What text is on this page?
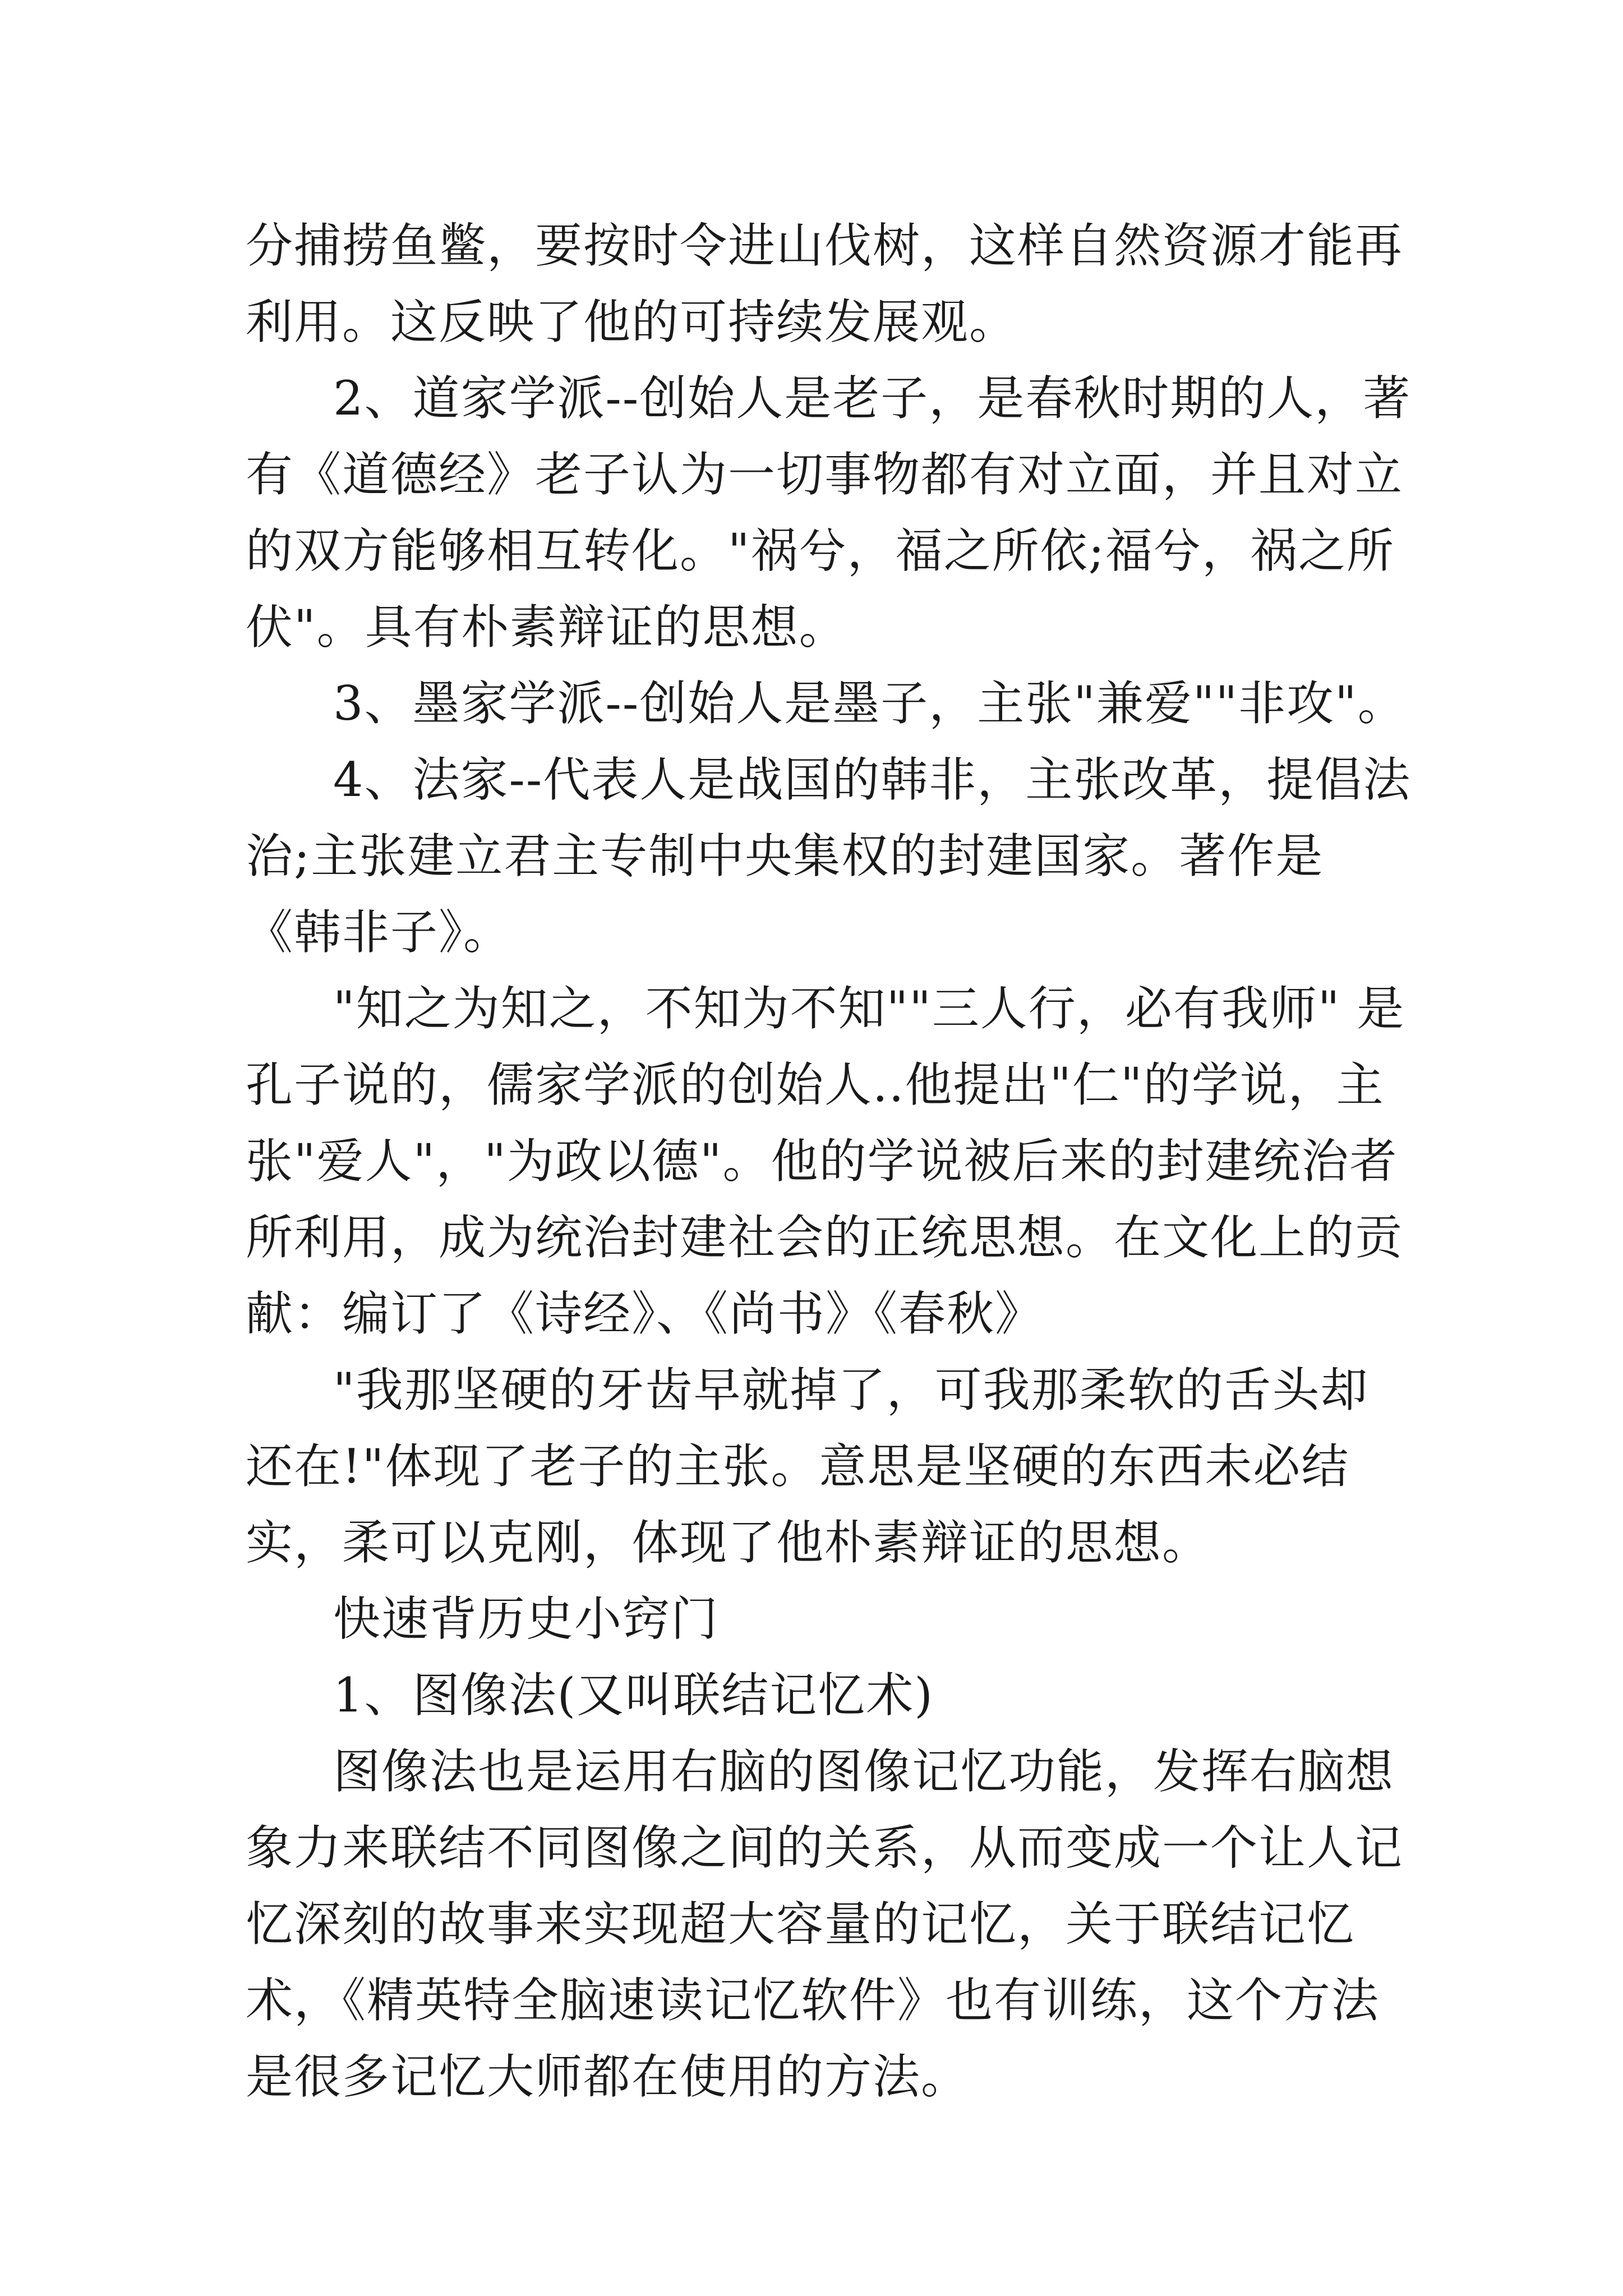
分捕捞鱼鳖，要按时令进山伐树，这样自然资源才能再利用。这反映了他的可持续发展观。

2、道家学派--创始人是老子，是春秋时期的人，著有《道德经》老子认为一切事物都有对立面，并且对立的双方能够相互转化。"祸兮，福之所依;福兮，祸之所伏"。具有朴素辩证的思想。

3、墨家学派--创始人是墨子，主张"兼爱""非攻"。

4、法家--代表人是战国的韩非，主张改革，提倡法治;主张建立君主专制中央集权的封建国家。著作是《韩非子》。

"知之为知之，不知为不知""三人行，必有我师" 是孔子说的，儒家学派的创始人..他提出"仁"的学说，主张"爱人"，"为政以德"。他的学说被后来的封建统治者所利用，成为统治封建社会的正统思想。在文化上的贡献：编订了《诗经》、《尚书》《春秋》

"我那坚硬的牙齿早就掉了，可我那柔软的舌头却还在!"体现了老子的主张。意思是坚硬的东西未必结实，柔可以克刚，体现了他朴素辩证的思想。

快速背历史小窍门

1、图像法(又叫联结记忆术)

图像法也是运用右脑的图像记忆功能，发挥右脑想象力来联结不同图像之间的关系，从而变成一个让人记忆深刻的故事来实现超大容量的记忆，关于联结记忆术，《精英特全脑速读记忆软件》也有训练，这个方法是很多记忆大师都在使用的方法。
